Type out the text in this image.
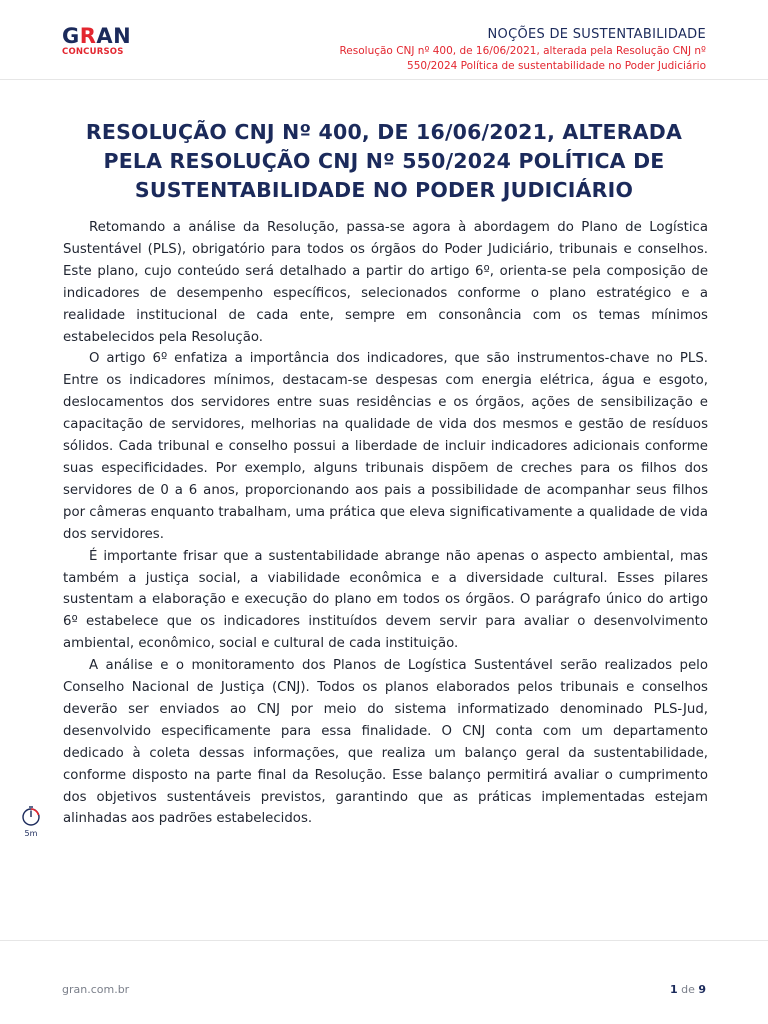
GRAN
CONCURSOS
NOÇÕES DE SUSTENTABILIDADE
Resolução CNJ nº 400, de 16/06/2021, alterada pela Resolução CNJ nº
550/2024 Política de sustentabilidade no Poder Judiciário
RESOLUÇÃO CNJ Nº 400, DE 16/06/2021, ALTERADA PELA RESOLUÇÃO CNJ Nº 550/2024 POLÍTICA DE SUSTENTABILIDADE NO PODER JUDICIÁRIO

Retomando a análise da Resolução, passa-se agora à abordagem do Plano de Logística Sustentável (PLS), obrigatório para todos os órgãos do Poder Judiciário, tribunais e conselhos. Este plano, cujo conteúdo será detalhado a partir do artigo 6º, orienta-se pela composição de indicadores de desempenho específicos, selecionados conforme o plano estratégico e a realidade institucional de cada ente, sempre em consonância com os temas mínimos estabelecidos pela Resolução.

O artigo 6º enfatiza a importância dos indicadores, que são instrumentos-chave no PLS. Entre os indicadores mínimos, destacam-se despesas com energia elétrica, água e esgoto, deslocamentos dos servidores entre suas residências e os órgãos, ações de sensibilização e capacitação de servidores, melhorias na qualidade de vida dos mesmos e gestão de resíduos sólidos. Cada tribunal e conselho possui a liberdade de incluir indicadores adicionais conforme suas especificidades. Por exemplo, alguns tribunais dispõem de creches para os filhos dos servidores de 0 a 6 anos, proporcionando aos pais a possibilidade de acompanhar seus filhos por câmeras enquanto trabalham, uma prática que eleva significativamente a qualidade de vida dos servidores.

É importante frisar que a sustentabilidade abrange não apenas o aspecto ambiental, mas também a justiça social, a viabilidade econômica e a diversidade cultural. Esses pilares sustentam a elaboração e execução do plano em todos os órgãos. O parágrafo único do artigo 6º estabelece que os indicadores instituídos devem servir para avaliar o desenvolvimento ambiental, econômico, social e cultural de cada instituição.

A análise e o monitoramento dos Planos de Logística Sustentável serão realizados pelo Conselho Nacional de Justiça (CNJ). Todos os planos elaborados pelos tribunais e conselhos deverão ser enviados ao CNJ por meio do sistema informatizado denominado PLS-Jud, desenvolvido especificamente para essa finalidade. O CNJ conta com um departamento dedicado à coleta dessas informações, que realiza um balanço geral da sustentabilidade, conforme disposto na parte final da Resolução. Esse balanço permitirá avaliar o cumprimento dos objetivos sustentáveis previstos, garantindo que as práticas implementadas estejam alinhadas aos padrões estabelecidos.

5m
gran.com.br	1 de 9
